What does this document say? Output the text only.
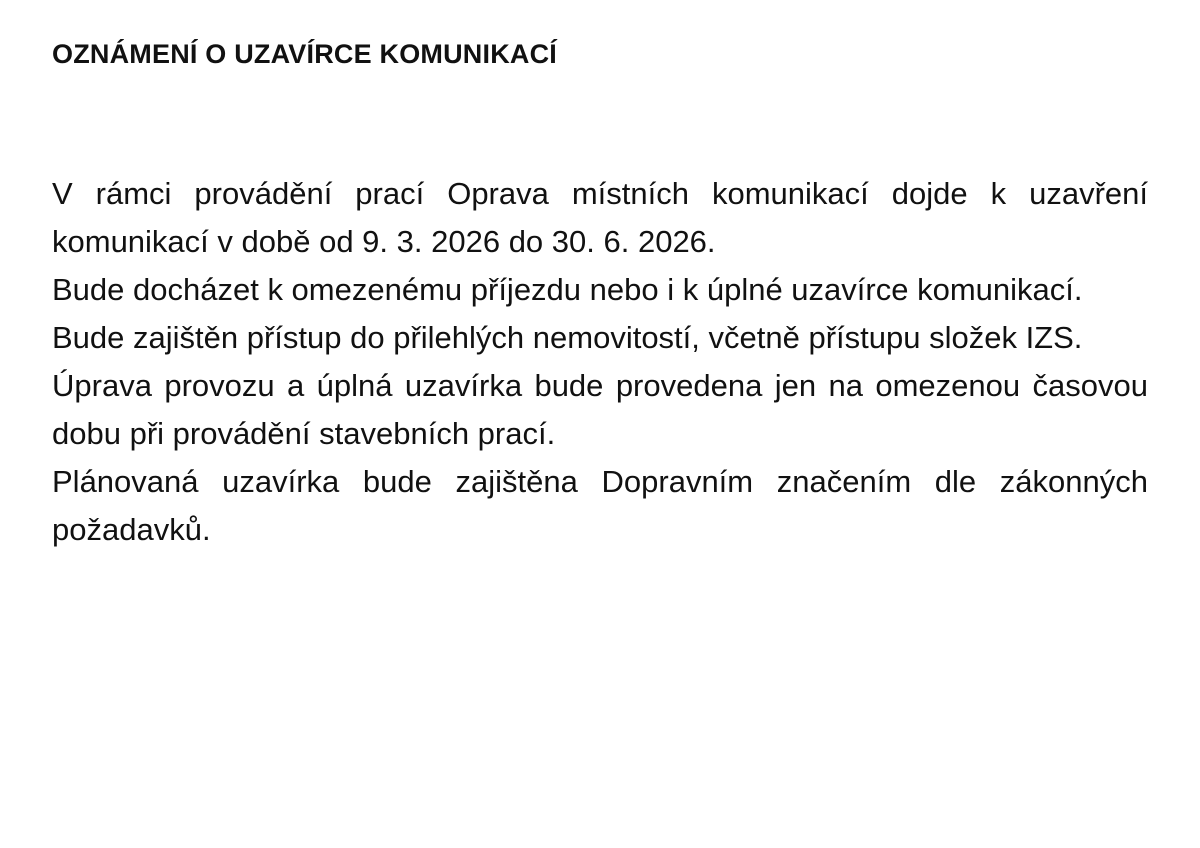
OZNÁMENÍ O UZAVÍRCE KOMUNIKACÍ

V rámci provádění prací Oprava místních komunikací dojde k uzavření komunikací v době od 9. 3. 2026 do 30. 6. 2026.

Bude docházet k omezenému příjezdu nebo i k úplné uzavírce komunikací.

Bude zajištěn přístup do přilehlých nemovitostí, včetně přístupu složek IZS.

Úprava provozu a úplná uzavírka bude provedena jen na omezenou časovou dobu při provádění stavebních prací.

Plánovaná uzavírka bude zajištěna Dopravním značením dle zákonných požadavků.
